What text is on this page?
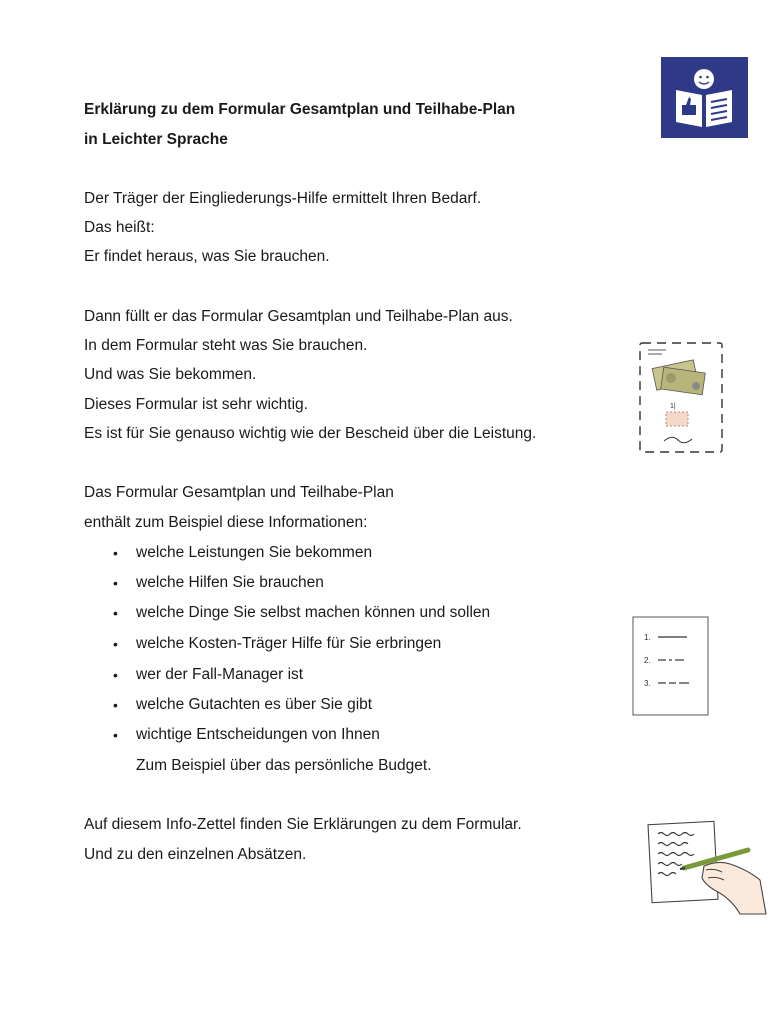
Erklärung zu dem Formular Gesamtplan und Teilhabe-Plan
in Leichter Sprache
Der Träger der Eingliederungs-Hilfe ermittelt Ihren Bedarf.
Das heißt:
Er findet heraus, was Sie brauchen.
Dann füllt er das Formular Gesamtplan und Teilhabe-Plan aus.
In dem Formular steht was Sie brauchen.
Und was Sie bekommen.
Dieses Formular ist sehr wichtig.
Es ist für Sie genauso wichtig wie der Bescheid über die Leistung.
Das Formular Gesamtplan und Teilhabe-Plan
enthält zum Beispiel diese Informationen:
• welche Leistungen Sie bekommen
• welche Hilfen Sie brauchen
• welche Dinge Sie selbst machen können und sollen
• welche Kosten-Träger Hilfe für Sie erbringen
• wer der Fall-Manager ist
• welche Gutachten es über Sie gibt
• wichtige Entscheidungen von Ihnen
Zum Beispiel über das persönliche Budget.
Auf diesem Info-Zettel finden Sie Erklärungen zu dem Formular.
Und zu den einzelnen Absätzen.
1|
1.
2.
3.
